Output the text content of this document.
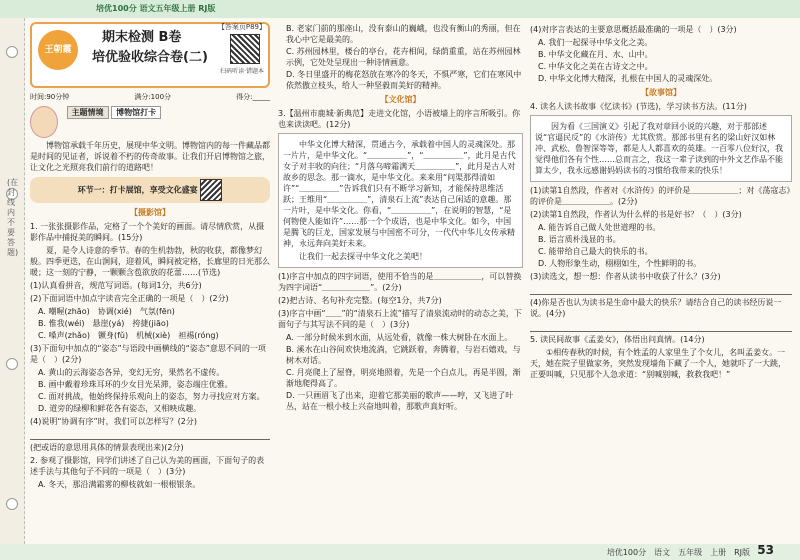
培优100分 语文五年级上册 RJ版
(在封线内不要答题)
【答案页P89】
王朝霞
期末检测 B卷
培优验收综合卷(二)
扫码听读·错题本
时间:90分钟	满分:100分	得分:_____
主题情境 博物馆打卡
博物馆承载千年历史，展现中华文明。博物馆内的每一件藏品都是时间的见证者，诉说着不朽的传奇故事。让我们开启博物馆之旅，让文化之光照亮我们前行的道路吧！
环节一：打卡展馆，享受文化盛宴
【摄影馆】
1. 一张张摄影作品，定格了一个个美好的画面。请尽情欣赏，从摄影作品中捕捉美的瞬间。(15分)
夏，是令人诗意的季节。春的生机勃勃，秋的收获，都像梦幻般。四季更迭，在山涧间，迎着风，瞬间被定格，长廊里的日光那么暖；这一刻的宁静，一颗颗含苞欲放的花蕾……(节选)
(1)认真看拼音，规范写词语。(每词1分，共6分)
(2)下面词语中加点字读音完全正确的一项是（　）(2分)
A. 嘲喔(zhāo)　协调(xié)　气氛(fēn)
B. 惟我(wéi)　悬崖(yá)　挎捷(jiāo)
C. 嗓声(zhǎo)　镢身(fǔ)　机械(xiè)　袒裼(róng)
(3)下面句中加点的“姿态”与语段中画横线的“姿态”意思不同的一项是（　）(2分)
A. 黄山的云海姿态各异，变幻无穷，果然名不虚传。
B. 画中戴着珍珠耳环的少女目光呆滞，姿态端庄优雅。
C. 面对挑战，他始终保持乐观向上的姿态，努力寻找应对方案。
D. 道旁的绿柳和鲜花各有姿态，又相映成趣。
(4)说明“协调有序”时，我们可以怎样写？(2分)
(把或语的意思用具体的情景表现出来)(2分)
2. 参观了摄影馆，同学们讲述了自己认为美的画面，下面句子的表述手法与其他句子不同的一项是（　）(3分)
A. 冬天，那沿满霜雾的柳枝就如一根根银条。
B. 老家门前的那座山，没有泰山的巍峨，也没有衡山的秀丽，但在我心中它是最美的。
C. 苏州园林里，楼台的亭台，花卉相间，绿荫重重，站在苏州园林示例，它处处呈现出一种诗情画意。
D. 冬日里盛开的梅花怒放在寒冷的冬天，不惧严寒，它们在寒风中依然傲立枝头，给人一种坚毅而美好的精神。
【文化馆】
3.【温州市鹿城·新典范】走进文化馆，小语被墙上的序言所吸引。你也来读读吧。(12分)
中华文化博大精深，贯通古今，承载着中国人的灵魂深处。那一片片，是中华文化。“＿＿＿＿＿”，“＿＿＿＿＿”，此月是古代女子对丰收的向往；“月落乌啼霜满天＿＿＿＿＿”，此月是古人对故乡的思念。那一滴水，是中华文化。来来用“问渠那得清如许”“＿＿＿＿＿”告诉我们只有不断学习新知，才能保持思维活跃；王维用“＿＿＿＿＿”，清泉石上流”表达自己闲适的意趣。那一片叶，是中华文化。你看，“＿＿＿＿＿”，在说明的智慧，“是何物使人能如许”……那一个个成语，也是中华文化。如今，中国是腾飞的巨龙，国家发展与中国密不可分，一代代中华儿女传承精神，永远奔向美好未来。
让我们一起去探寻中华文化之美吧！
(1)序言中加点的四字词语，使用不恰当的是＿＿＿＿＿＿，可以替换为四字词语“＿＿＿＿＿＿”。(2分)
(2)把古诗、名句补充完整。(每空1分，共7分)
(3)序言中画“＿＿”的“清泉石上流”描写了清泉流动时的动态之美，下面句子与其写法不同的是（　）(3分)
A. 一部分时候米到水面，从远处看，就像一株大树卧在水面上。
B. 溪水在山谷间欢快地流淌，它跳跃着，奔腾着，与岩石嬉戏，与树木对话。
C. 月亮爬上了屋脊，明亮地照着，先是一个白点儿，再是半圆，渐渐地爬得高了。
D. 一只画眉飞了出来，迎着它那美丽的歌声——哼，又飞进了叶丛，站在一根小枝上兴奋地叫着，那歌声真好听。
(4)对序言表达的主要意思概括最准确的一项是（　）(3分)
A. 我们一起探寻中华文化之美。
B. 中华文化藏在月、水、山中。
C. 中华文化之美在古诗文之中。
D. 中华文化博大精深，扎根在中国人的灵魂深处。
【故事馆】
4. 读名人读书故事《忆读书》(节选)，学习读书方法。(11分)
因为看《三国演义》引起了我对章回小说的兴趣，对于那部述说“官逼民反”的《水浒传》尤其欣赏。那部书里有名的梁山好汉如林冲、武松、鲁智深等等，都是人人都喜欢的英雄。一百零八位好汉，我觉得他们各有个性……总而言之，我这一辈子读到的中外文艺作品不能算太少，我永远感谢妈妈读书的习惯给我带来的快乐！
(1)读第1自然段，作者对《水浒传》的评价是＿＿＿＿＿＿；对《荡寇志》的评价是＿＿＿＿＿＿。(2分)
(2)读第1自然段，作者认为什么样的书是好书？（　）(3分)
A. 能告诉自己做人处世道理的书。
B. 语言质朴浅显的书。
C. 能带给自己最大的快乐的书。
D. 人物形象生动，栩栩如生，个性鲜明的书。
(3)读选文，想一想：作者从读书中收获了什么？(3分)
(4)你是否也认为读书是生命中最大的快乐？请结合自己的读书经历说一说。(4分)
5. 读民间故事《孟姜女》，体悟出问真情。(14分)
①相传春秋的时候，有个姓孟的人家里生了个女儿，名叫孟姜女。一天，她在院子里做家务，突然发现墙角下藏了一个人，她就吓了一大跳，正要叫喊，只见那个人急求道：“别喊别喊，救救我吧！”
培优100分　语文　五年级　上册　RJ版 53
